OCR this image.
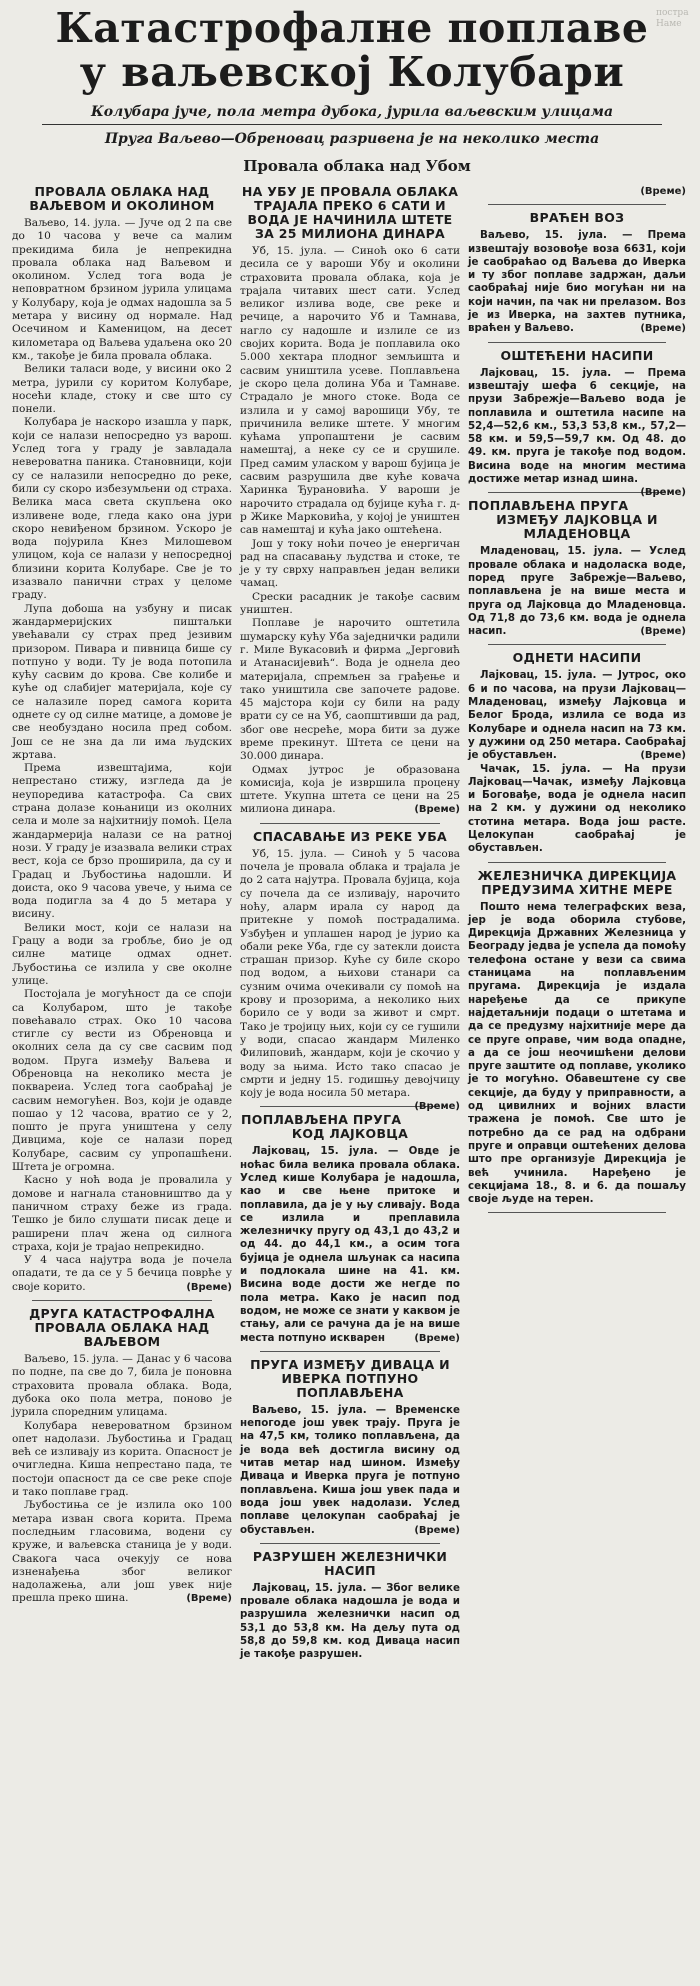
постра Наме
Катастрофалне поплаве
у ваљевској Колубари
Колубара јуче, пола метра дубока, јурила ваљевским улицама
Пруга Ваљево—Обреновац разривена је на неколико места
Провала облака над Убом
ПРОВАЛА ОБЛАКА НАД ВАЉЕВОМ И ОКОЛИНОМ

Ваљево, 14. јула. — Јуче од 2 па све до 10 часова у вече са малим прекидима била је непрекидна провала облака над Ваљевом и околином. Услед тога вода је неповратном брзином јурила улицама у Колубару, која је одмах надошла за 5 метара у висину од нормале. Над Осечином и Каменицом, на десет километара од Ваљева удаљена око 20 км., такође је била провала облака.

Велики таласи воде, у висини око 2 метра, јурили су коритом Колубаре, носећи кладе, стоку и све што су понели.

Колубара је наскоро изашла у парк, који се налази непосредно уз варош. Услед тога у граду је завладала невероватна паника. Становници, који су се налазили непосредно до реке, били су скоро избезумљени од страха. Велика маса света скупљена око изливене воде, гледа како она јури скоро невиђеном брзином. Ускоро је вода појурила Кнез Милошевом улицом, која се налази у непосредној близини корита Колубаре. Све је то изазвало панични страх у целоме граду.

Лупа добоша на узбуну и писак жандармеријских пиштаљки увећавали су страх пред језивим призором. Пивара и пивница бише су потпуно у води. Ту је вода потопила кућу сасвим до крова. Све колибе и куће од слабијег материјала, које су се налазиле поред самога корита однете су од силне матице, а домове је све необуздано носила пред собом. Још се не зна да ли има људских жртава.

Према извештајима, који непрестано стижу, изгледа да је неупоредива катастрофа. Са свих страна долазе коњаници из околних села и моле за најхитнију помоћ. Цела жандармерија налази се на ратној нози. У граду је изазвала велики страх вест, која се брзо проширила, да су и Градац и Љубостиња надошли. И доиста, око 9 часова увече, у њима се вода подигла за 4 до 5 метара у висину.

Велики мост, који се налази на Грацу а води за гробље, био је од силне матице одмах однет. Љубостиња се излила у све околне улице.

Постојала је могућност да се споји са Колубаром, што је такође повећавало страх. Око 10 часова стигле су вести из Обреновца и околних села да су све сасвим под водом. Пруга између Ваљева и Обреновца на неколико места је поквареиа. Услед тога саобраћај је сасвим немогућен. Воз, који је одавде пошао у 12 часова, вратио се у 2, пошто је пруга уништена у селу Дивцима, које се налази поред Колубаре, сасвим су упропашћени. Штета је огромна.

Касно у ноћ вода је провалила у домове и нагнала становништво да у паничном страху беже из града. Тешко је било слушати писак деце и раширени плач жена од силнога страха, који је трајао непрекидно.

У 4 часа најутра вода је почела опадати, те да се у 5 бечица поврће у своје корито.	(Време)

ДРУГА КАТАСТРОФАЛНА ПРОВАЛА ОБЛАКА НАД ВАЉЕВОМ

Ваљево, 15. јула. — Данас у 6 часова по подне, па све до 7, била је поновна страховита провала облака. Вода, дубока око пола метра, поново је јурила споредним улицама.

Колубара невероватном брзином опет надолази. Љубостиња и Градац већ се изливају из корита. Опасност је очигледна. Киша непрестано пада, те постоји опасност да се све реке споје и тако поплаве град.

Љубостиња се је излила око 100 метара изван свога корита. Према последњим гласовима, водени су круже, и ваљевска станица је у води. Свакога часа очекују се нова изненађења због великог надолажења, али још увек није прешла преко шина.	(Време)

НА УБУ ЈЕ ПРОВАЛА ОБЛАКА ТРАЈАЛА ПРЕКО 6 САТИ И ВОДА ЈЕ НАЧИНИЛА ШТЕТЕ ЗА 25 МИЛИОНА ДИНАРА

Уб, 15. јула. — Синоћ око 6 сати десила се у вароши Убу и околини страховита провала облака, која је трајала читавих шест сати. Услед великог излива воде, све реке и речице, а нарочито Уб и Тамнава, нагло су надошле и излиле се из својих корита. Вода је поплавила око 5.000 хектара плодног земљишта и сасвим уништила усеве. Поплављена је скоро цела долина Уба и Тамнаве. Страдало је много стоке. Вода се излила и у самој варошици Убу, те причинила велике штете. У многим кућама упропаштени је сасвим намештај, а неке су се и срушиле. Пред самим уласком у варош бујица је сасвим разрушила две куће ковача Харинка Ђурановића. У вароши је нарочито страдала од бујице кућа г. д-р Жике Марковића, у којој је уништен сав намештај и кућа јако оштећена.

Још у току ноћи почео је енергичан рад на спасавању људства и стоке, те је у ту сврху направљен један велики чамац.

Срески расадник је такође сасвим уништен.

Поплаве је нарочито оштетила шумарску кућу Уба заједнички радили г. Миле Вукасовић и фирма „Јерговић и Атанасијевић“. Вода је однела део материјала, спремљен за грађење и тако уништила све започете радове. 45 мајстора који су били на раду врати су се на Уб, саопштивши да рад, због ове несреће, мора бити за дуже време прекинут. Штета се цени на 30.000 динара.

Одмах јутрос је образована комисија, која је извршила процену штете. Укупна штета се цени на 25 милиона динара.	(Време)

СПАСАВАЊЕ ИЗ РЕКЕ УБА

Уб, 15. јула. — Синоћ у 5 часова почела је провала облака и трајала је до 2 сата најутра. Провала бујица, која су почела да се изливају, нарочито ноћу, аларм ирала су народ да притекне у помоћ пострадалима. Узбуђен и уплашен народ је јурио ка обали реке Уба, где су затекли доиста страшан призор. Куће су биле скоро под водом, а њихови станари са сузним очима очекивали су помоћ на крову и прозорима, а неколико њих борило се у води за живот и смрт. Тако је тројицу њих, који су се гушили у води, спасао жандарм Миленко Филиповић, жандарм, који је скочио у воду за њима. Исто тако спасао је смрти и једну 15. годишњу девојчицу коју је вода носила 50 метара.
(Време)

ПОПЛАВЉЕНА ПРУГА КОД ЛАЈКОВЦА

Лајковац, 15. јула. — Овде је ноћас била велика провала облака. Услед кише Колубара је надошла, као и све њене притоке и поплавила, да је у њу сливају. Вода се излила и преплавила железничку пругу од 43,1 до 43,2 и од 44. до 44,1 км., а осим тога бујица је однела шљунак са насипа и подлокала шине на 41. км. Висина воде дости же негде по пола метра. Како је насип под водом, не може се знати у каквом је стању, али се рачуна да је на више места потпуно искварен	(Време)

ПРУГА ИЗМЕЂУ ДИВАЦА И ИВЕРКА ПОТПУНО ПОПЛАВЉЕНА

Ваљево, 15. јула. — Временске непогоде још увек трају. Пруга је на 47,5 км, толико поплављена, да је вода већ достигла висину од читав метар над шином. Између Диваца и Иверка пруга је потпуно поплављена. Киша још увек пада и вода још увек надолази. Услед поплаве целокупан саобраћај је обустављен.	(Време)

РАЗРУШЕН ЖЕЛЕЗНИЧКИ НАСИП

Лајковац, 15. јула. — Због велике провале облака надошла је вода и разрушила железнички насип од 53,1 до 53,8 км. На дељу пута од 58,8 до 59,8 км. код Диваца насип је такође разрушен.

(Време)

ВРАЋЕН ВОЗ

Ваљево, 15. јула. — Према извештају возовође воза 6631, који је саобраћао од Ваљева до Иверка и ту због поплаве задржан, даљи саобраћај није био могућан ни на који начин, па чак ни прелазом. Воз је из Иверка, на захтев путника, враћен у Ваљево.	(Време)

ОШТЕЋЕНИ НАСИПИ

Лајковац, 15. јула. — Према извештају шефа 6 секције, на прузи Забрежје—Ваљево вода је поплавила и оштетила насипе на 52,4—52,6 км., 53,3 53,8 км., 57,2—58 км. и 59,5—59,7 км. Од 48. до 49. км. пруга је такође под водом. Висина воде на многим местима достиже метар изнад шина.
(Време)

ПОПЛАВЉЕНА ПРУГА ИЗМЕЂУ ЛАЈКОВЦА И МЛАДЕНОВЦА

Младеновац, 15. јула. — Услед провале облака и надоласка воде, поред пруге Забрежје—Ваљево, поплављена је на више места и пруга од Лајковца до Младеновца. Од 71,8 до 73,6 км. вода је однела насип.	(Време)

ОДНЕТИ НАСИПИ

Лајковац, 15. јула. — Јутрос, око 6 и по часова, на прузи Лајковац—Младеновац, између Лајковца и Белог Брода, излила се вода из Колубаре и однела насип на 73 км. у дужини од 250 метара. Саобраћај је обустављен.	(Време)

Чачак, 15. јула. — На прузи Лајковац—Чачак, између Лајковца и Боговађе, вода је однела насип на 2 км. у дужини од неколико стотина метара. Вода још расте. Целокупан саобраћај је обустављен.

ЖЕЛЕЗНИЧКА ДИРЕКЦИЈА ПРЕДУЗИМА ХИТНЕ МЕРЕ

Пошто нема телеграфских веза, јер је вода оборила стубове, Дирекција Државних Железница у Београду једва је успела да помоћу телефона остане у вези са свима станицама на поплављеним пругама. Дирекција је издала наређење да се прикупе најдетаљнији подаци о штетама и да се предузму најхитније мере да се пруге оправе, чим вода опадне, а да се још неочишћени делови пруге заштите од поплаве, уколико је то могућно. Обавештене су све секције, да буду у приправности, а од цивилних и војних власти тражена је помоћ. Све што је потребно да се рад на одбрани пруге и оправци оштећених делова што пре организује Дирекција је већ учинила. Наређено је секцијама 18., 8. и 6. да пошаљу своје људе на терен.
